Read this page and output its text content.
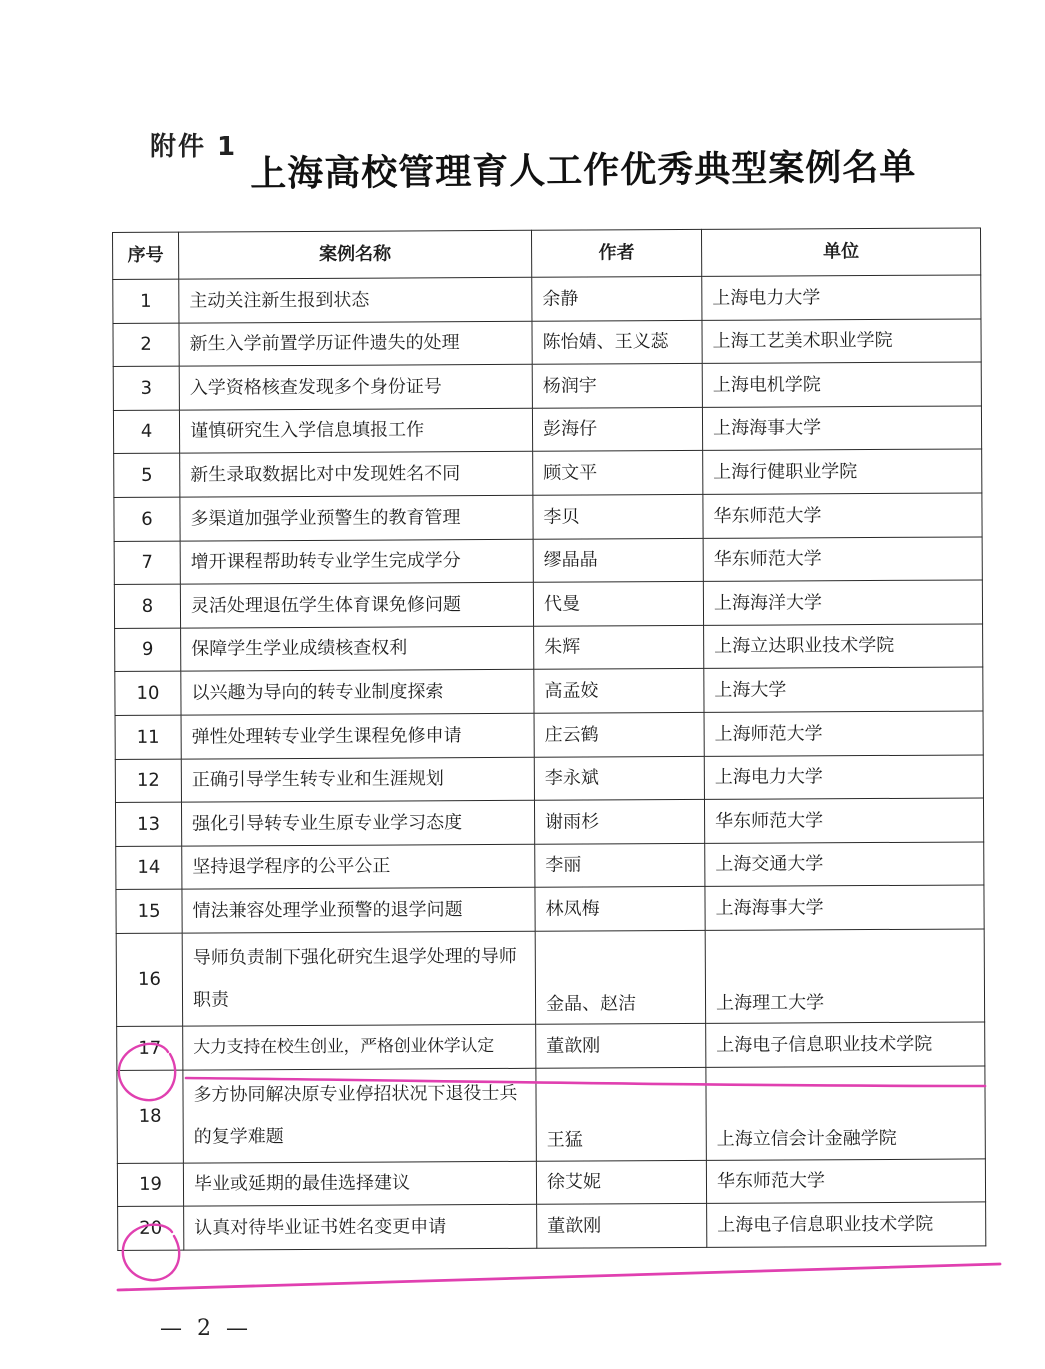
附件 1
上海高校管理育人工作优秀典型案例名单
序号	案例名称	作者	单位
1	主动关注新生报到状态	余静	上海电力大学
2	新生入学前置学历证件遗失的处理	陈怡婧、王义蕊	上海工艺美术职业学院
3	入学资格核查发现多个身份证号	杨润宇	上海电机学院
4	谨慎研究生入学信息填报工作	彭海仔	上海海事大学
5	新生录取数据比对中发现姓名不同	顾文平	上海行健职业学院
6	多渠道加强学业预警生的教育管理	李贝	华东师范大学
7	增开课程帮助转专业学生完成学分	缪晶晶	华东师范大学
8	灵活处理退伍学生体育课免修问题	代曼	上海海洋大学
9	保障学生学业成绩核查权利	朱辉	上海立达职业技术学院
10	以兴趣为导向的转专业制度探索	高孟姣	上海大学
11	弹性处理转专业学生课程免修申请	庄云鹤	上海师范大学
12	正确引导学生转专业和生涯规划	李永斌	上海电力大学
13	强化引导转专业生原专业学习态度	谢雨杉	华东师范大学
14	坚持退学程序的公平公正	李丽	上海交通大学
15	情法兼容处理学业预警的退学问题	林凤梅	上海海事大学
16	导师负责制下强化研究生退学处理的导师职责	金晶、赵洁	上海理工大学
17	大力支持在校生创业，严格创业休学认定	董歆刚	上海电子信息职业技术学院
18	多方协同解决原专业停招状况下退役士兵的复学难题	王猛	上海立信会计金融学院
19	毕业或延期的最佳选择建议	徐艾妮	华东师范大学
20	认真对待毕业证书姓名变更申请	董歆刚	上海电子信息职业技术学院
— 2 —
